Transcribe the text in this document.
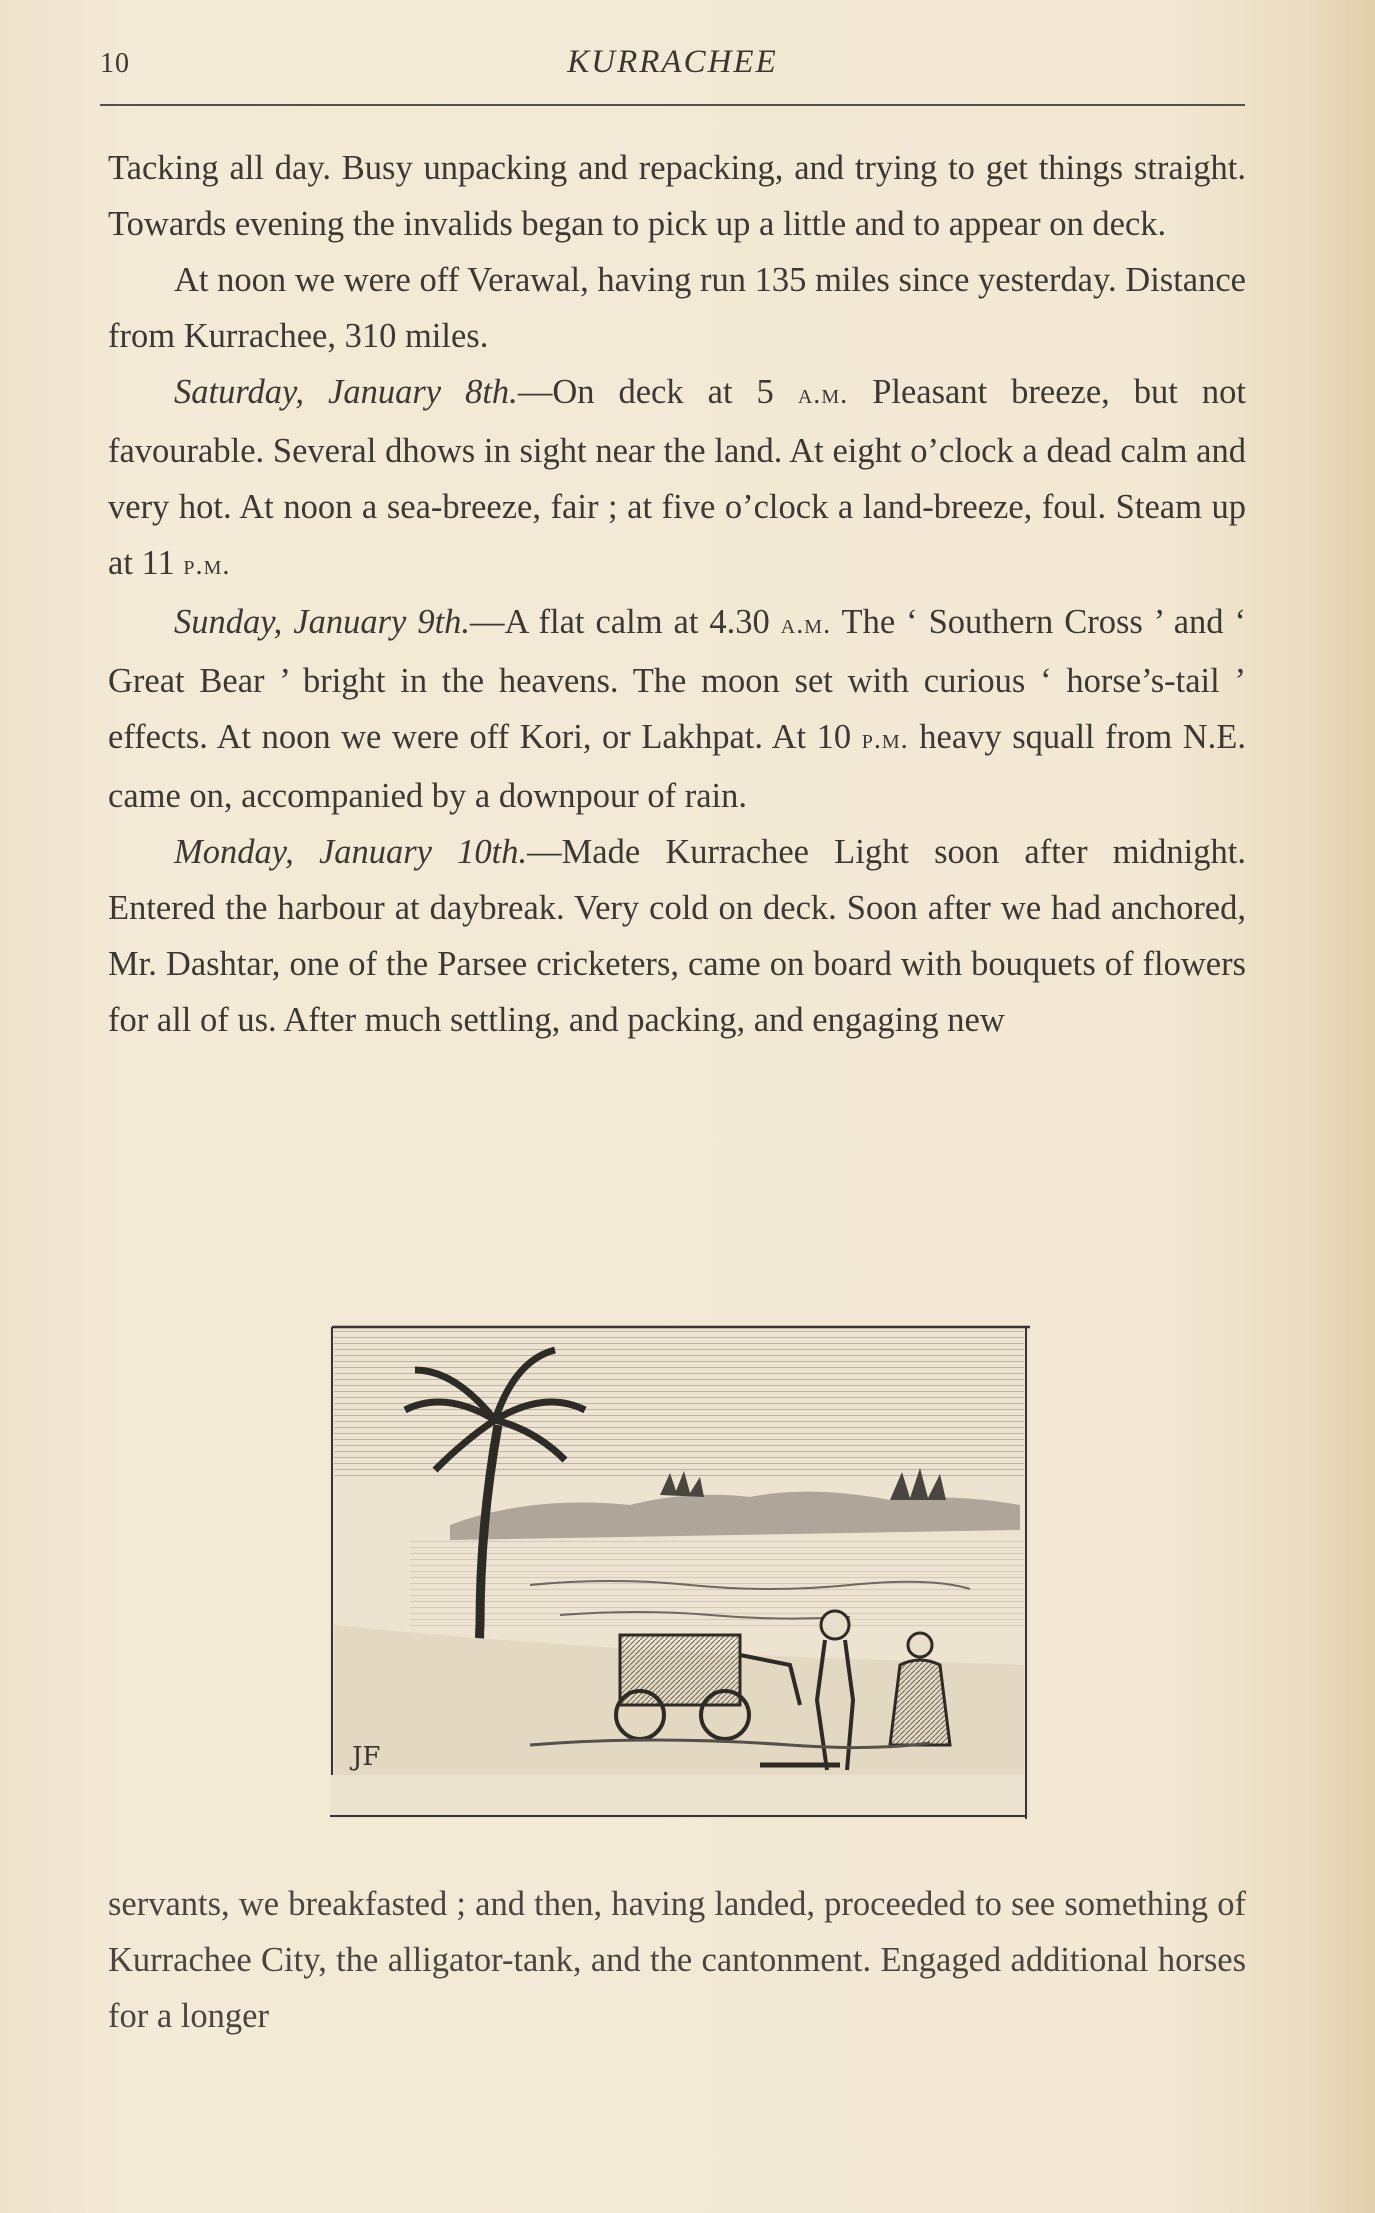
10	KURRACHEE

Tacking all day. Busy unpacking and repacking, and trying to get things straight. Towards evening the invalids began to pick up a little and to appear on deck.

At noon we were off Verawal, having run 135 miles since yesterday. Distance from Kurrachee, 310 miles.

Saturday, January 8th.—On deck at 5 a.m. Pleasant breeze, but not favourable. Several dhows in sight near the land. At eight o’clock a dead calm and very hot. At noon a sea-breeze, fair ; at five o’clock a land-breeze, foul. Steam up at 11 p.m.

Sunday, January 9th.—A flat calm at 4.30 a.m. The ‘ Southern Cross ’ and ‘ Great Bear ’ bright in the heavens. The moon set with curious ‘ horse’s-tail ’ effects. At noon we were off Kori, or Lakhpat. At 10 p.m. heavy squall from N.E. came on, accompanied by a downpour of rain.

Monday, January 10th.—Made Kurrachee Light soon after midnight. Entered the harbour at daybreak. Very cold on deck. Soon after we had anchored, Mr. Dashtar, one of the Parsee cricketers, came on board with bouquets of flowers for all of us. After much settling, and packing, and engaging new

JF

servants, we breakfasted ; and then, having landed, proceeded to see something of Kurrachee City, the alligator-tank, and the cantonment. Engaged additional horses for a longer
